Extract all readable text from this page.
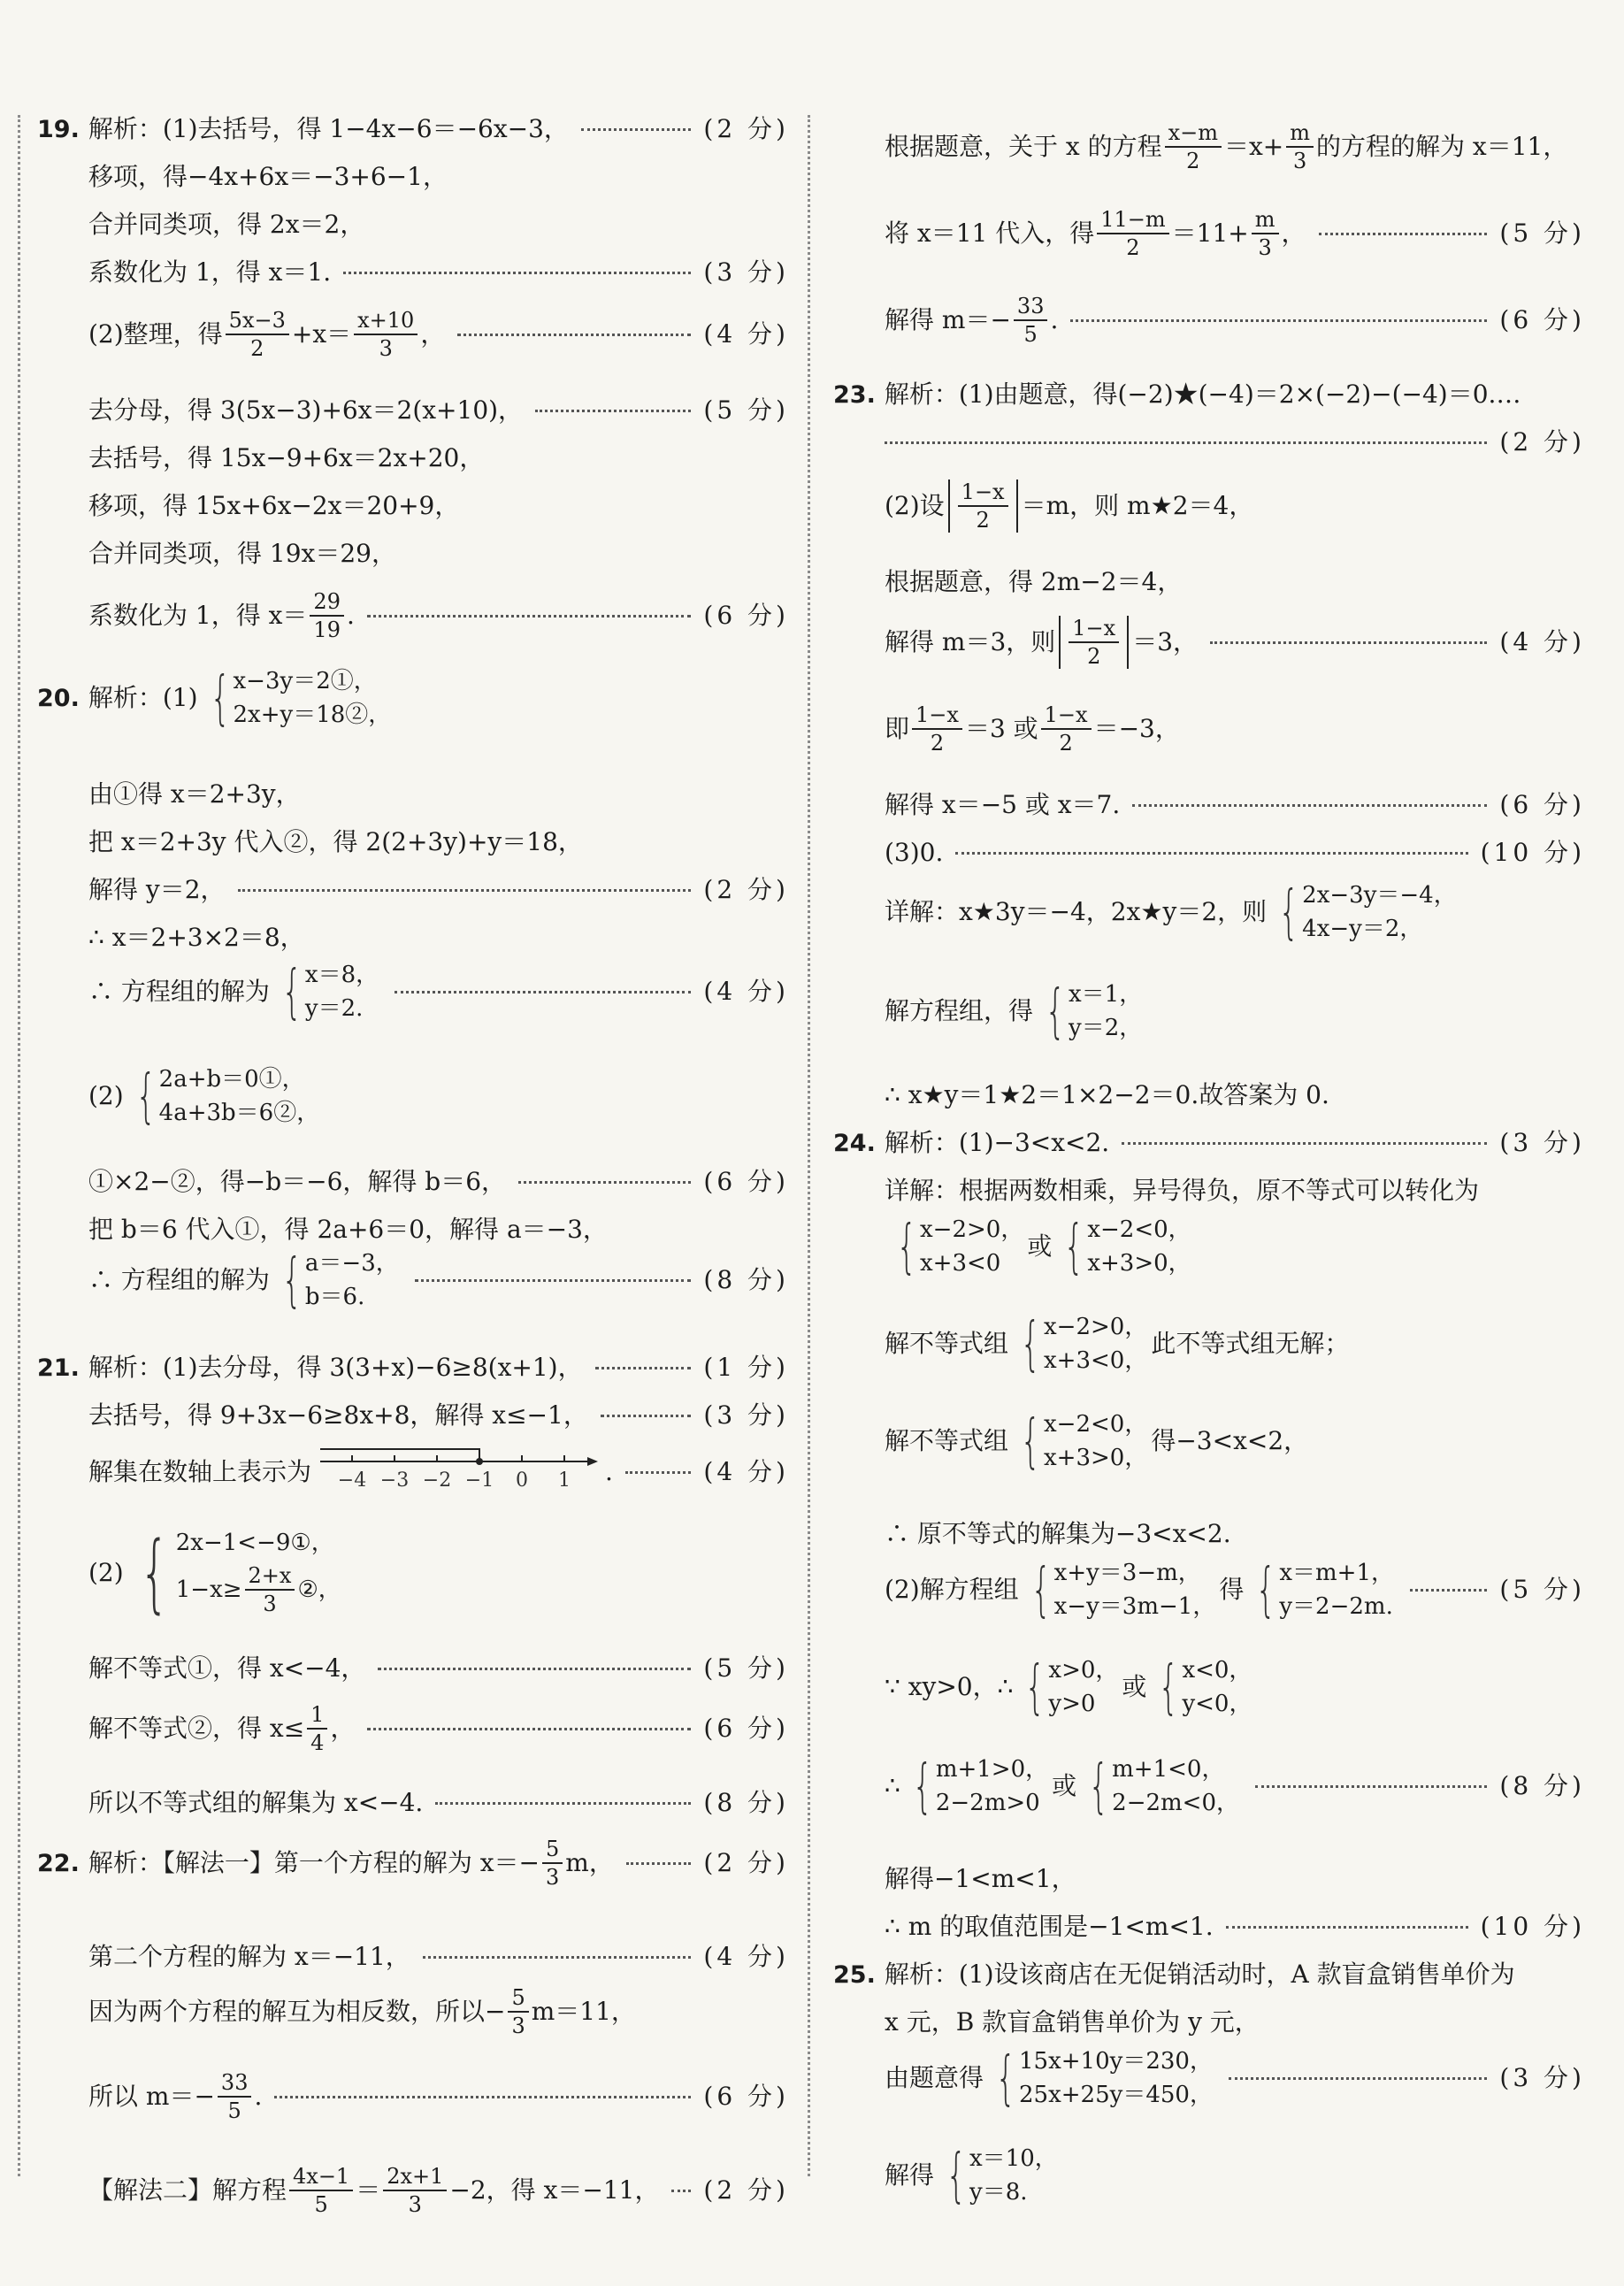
19. 解析：(1)去括号，得 1−4x−6＝−6x−3，	(2 分)
移项，得−4x+6x＝−3+6−1，
合并同类项，得 2x＝2，
系数化为 1，得 x＝1.	(3 分)
(2)整理，得 $\frac{5x-3}{2} +x= \frac{x+10}{3}$ ，	(4 分)
去分母，得 3(5x−3)+6x＝2(x+10)，	(5 分)
去括号，得 15x−9+6x＝2x+20，
移项，得 15x+6x−2x＝20+9，
合并同类项，得 19x＝29，
系数化为 1，得 $x= \frac{29}{19}$ .	(6 分)
20. 解析：(1) { x−3y＝2①，
2x+y＝18②，
由①得 x＝2+3y，
把 x＝2+3y 代入②，得 2(2+3y)+y＝18，
解得 y＝2，	(2 分)
∴ x＝2+3×2＝8，
∴ 方程组的解为 { x＝8，
y＝2.
(4 分)
(2) { 2a+b＝0①，
4a+3b＝6②，
①×2−②，得−b＝−6，解得 b＝6，	(6 分)
把 b＝6 代入①，得 2a+6＝0，解得 a＝−3，
∴ 方程组的解为 { a＝−3，
b＝6.
(8 分)
21. 解析：(1)去分母，得 3(3+x)−6≥8(x+1)，	(1 分)
去括号，得 9+3x−6≥8x+8，解得 x≤−1，	(3 分)
解集在数轴上表示为 −4 −3 −2 −1 0 1 .	(4 分)
(2) { 2x−1<−9①，
$1-x\ge \frac{2+x}{3}$ ②，
解不等式①，得 x<−4，	(5 分)
解不等式②，得 $x\le \frac{1}{4}$ ，	(6 分)
所以不等式组的解集为 x<−4.	(8 分)
22. 解析：【解法一】第一个方程的解为 $x=- \frac{5}{3}$ m，	(2 分)
第二个方程的解为 x＝−11，	(4 分)
因为两个方程的解互为相反数，所以− $\frac{5}{3} m=11$，
所以 $m=- \frac{33}{5}$ .	(6 分)
【解法二】解方程 $\frac{4x-1}{5} = \frac{2x+1}{3} -2$，得 x＝−11， (2 分)
根据题意，关于 x 的方程 $\frac{x-m}{2} =x+ \frac{m}{3}$ 的方程的解为 x＝11，
将 x＝11 代入，得 $\frac{11-m}{2} =11+ \frac{m}{3}$ ，	(5 分)
解得 $m=- \frac{33}{5}$ .	(6 分)
23. 解析：(1)由题意，得(−2)★(−4)＝2×(−2)−(−4)＝0.…
(2 分)
(2)设 $\frac{1-x}{2} =m$，则 m★2＝4，
根据题意，得 2m−2＝4，
解得 m＝3，则 $\frac{1-x}{2} =3$，	(4 分)
即 $\frac{1-x}{2} =3$ 或 $\frac{1-x}{2} =-3$，
解得 x＝−5 或 x＝7.	(6 分)
(3)0.	(10 分)
详解：x★3y＝−4，2x★y＝2，则 { 2x−3y＝−4，
4x−y＝2，
解方程组，得 { x＝1，
y＝2，
∴ x★y＝1★2＝1×2−2＝0.故答案为 0.
24. 解析：(1)−3<x<2.	(3 分)
详解：根据两数相乘，异号得负，原不等式可以转化为
{ x−2>0，
x+3<0
或 { x−2<0，
x+3>0，
解不等式组 { x−2>0，
x+3<0，
此不等式组无解；
解不等式组 { x−2<0，
x+3>0，
得−3<x<2，
∴ 原不等式的解集为−3<x<2.
(2)解方程组 { x+y＝3−m，
x−y＝3m−1，
得 { x＝m+1，
y＝2−2m.
(5 分)
∵ xy>0，∴ { x>0，
y>0
或 { x<0，
y<0，
∴ { m+1>0，
2−2m>0
或 { m+1<0，
2−2m<0，
(8 分)
解得−1<m<1，
∴ m 的取值范围是−1<m<1.	(10 分)
25. 解析：(1)设该商店在无促销活动时，A 款盲盒销售单价为
x 元，B 款盲盒销售单价为 y 元，
由题意得 { 15x+10y＝230，
25x+25y＝450，
(3 分)
解得 { x＝10，
y＝8.
